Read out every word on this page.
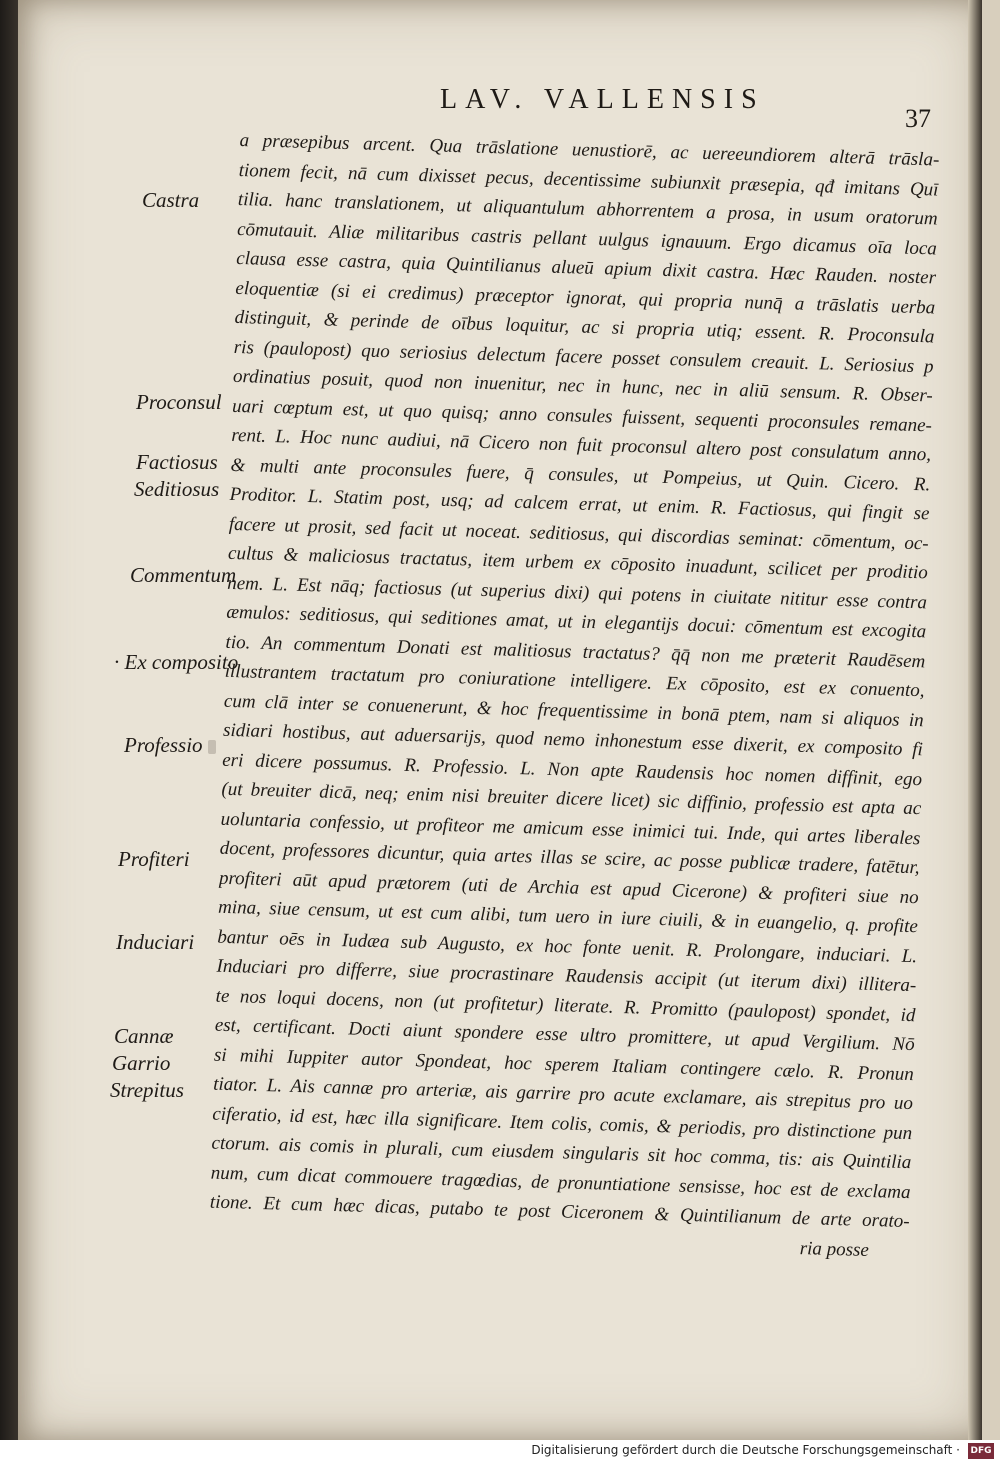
LAV. VALLENSIS
37
Castra
Proconsul
Factiosus
Seditiosus
Commentum
· Ex composito
Professio
Profiteri
Induciari
Cannæ
Garrio
Strepitus
a præsepibus arcent. Qua trāslatione uenustiorē, ac uereeundiorem alterā trāsla-
tionem fecit, nā cum dixisset pecus, decentissime subiunxit præsepia, qđ imitans Quī
tilia. hanc translationem, ut aliquantulum abhorrentem a prosa, in usum oratorum
cōmutauit. Aliæ militaribus castris pellant uulgus ignauum. Ergo dicamus oīa loca
clausa esse castra, quia Quintilianus alueū apium dixit castra. Hæc Rauden. noster
eloquentiæ (si ei credimus) præceptor ignorat, qui propria nunq̄ a trāslatis uerba
distinguit, & perinde de oībus loquitur, ac si propria utiq; essent. R. Proconsula
ris (paulopost) quo seriosius delectum facere posset consulem creauit. L. Seriosius p
ordinatius posuit, quod non inuenitur, nec in hunc, nec in aliū sensum. R. Obser-
uari cœptum est, ut quo quisq; anno consules fuissent, sequenti proconsules remane-
rent. L. Hoc nunc audiui, nā Cicero non fuit proconsul altero post consulatum anno,
& multi ante proconsules fuere, q̄ consules, ut Pompeius, ut Quin. Cicero. R.
Proditor. L. Statim post, usq; ad calcem errat, ut enim. R. Factiosus, qui fingit se
facere ut prosit, sed facit ut noceat. seditiosus, qui discordias seminat: cōmentum, oc-
cultus & maliciosus tractatus, item urbem ex cōposito inuadunt, scilicet per proditio
nem. L. Est nāq; factiosus (ut superius dixi) qui potens in ciuitate nititur esse contra
æmulos: seditiosus, qui seditiones amat, ut in elegantijs docui: cōmentum est excogita
tio. An commentum Donati est malitiosus tractatus? q̄q̄ non me præterit Raudēsem
illustrantem tractatum pro coniuratione intelligere. Ex cōposito, est ex conuento,
cum clā inter se conuenerunt, & hoc frequentissime in bonā ptem, nam si aliquos in
sidiari hostibus, aut aduersarijs, quod nemo inhonestum esse dixerit, ex composito fi
eri dicere possumus. R. Professio. L. Non apte Raudensis hoc nomen diffinit, ego
(ut breuiter dicā, neq; enim nisi breuiter dicere licet) sic diffinio, professio est apta ac
uoluntaria confessio, ut profiteor me amicum esse inimici tui. Inde, qui artes liberales
docent, professores dicuntur, quia artes illas se scire, ac posse publicæ tradere, fatētur,
profiteri aūt apud prætorem (uti de Archia est apud Cicerone) & profiteri siue no
mina, siue censum, ut est cum alibi, tum uero in iure ciuili, & in euangelio, q. profite
bantur oēs in Iudæa sub Augusto, ex hoc fonte uenit. R. Prolongare, induciari. L.
Induciari pro differre, siue procrastinare Raudensis accipit (ut iterum dixi) illitera-
te nos loqui docens, non (ut profitetur) literate. R. Promitto (paulopost) spondet, id
est, certificant. Docti aiunt spondere esse ultro promittere, ut apud Vergilium. Nō
si mihi Iuppiter autor Spondeat, hoc sperem Italiam contingere cælo. R. Pronun
tiator. L. Ais cannæ pro arteriæ, ais garrire pro acute exclamare, ais strepitus pro uo
ciferatio, id est, hæc illa significare. Item colis, comis, & periodis, pro distinctione pun
ctorum. ais comis in plurali, cum eiusdem singularis sit hoc comma, tis: ais Quintilia
num, cum dicat commouere tragœdias, de pronuntiatione sensisse, hoc est de exclama
tione. Et cum hæc dicas, putabo te post Ciceronem & Quintilianum de arte orato-
ria posse
Digitalisierung gefördert durch die Deutsche Forschungsgemeinschaft · DFG
